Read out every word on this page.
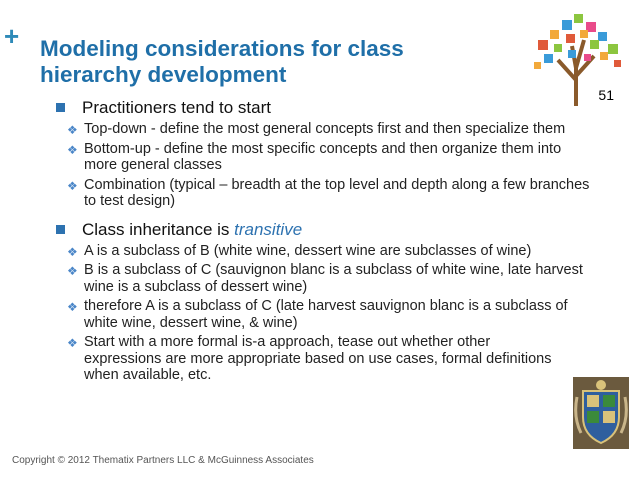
+ Modeling considerations for class hierarchy development
51
Practitioners tend to start
❖ Top-down - define the most general concepts first and then specialize them
❖ Bottom-up - define the most specific concepts and then organize them into more general classes
❖ Combination (typical – breadth at the top level and depth along a few branches to test design)
Class inheritance is transitive
❖ A is a subclass of B (white wine, dessert wine are subclasses of wine)
❖ B is a subclass of C (sauvignon blanc is a subclass of white wine, late harvest wine is a subclass of dessert wine)
❖ therefore A is a subclass of C (late harvest sauvignon blanc is a subclass of white wine, dessert wine, & wine)
❖ Start with a more formal is-a approach, tease out whether other expressions are more appropriate based on use cases, formal definitions when available, etc.
Copyright © 2012 Thematix Partners LLC & McGuinness Associates
